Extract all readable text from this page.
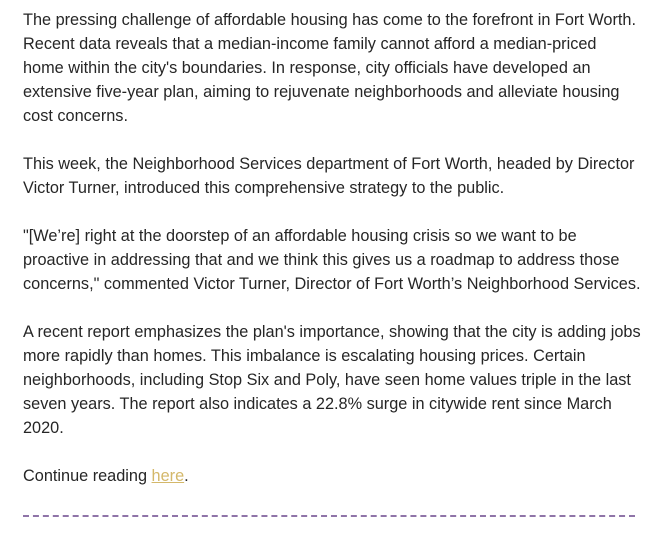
The pressing challenge of affordable housing has come to the forefront in Fort Worth. Recent data reveals that a median-income family cannot afford a median-priced home within the city's boundaries. In response, city officials have developed an extensive five-year plan, aiming to rejuvenate neighborhoods and alleviate housing cost concerns.

This week, the Neighborhood Services department of Fort Worth, headed by Director Victor Turner, introduced this comprehensive strategy to the public.

"[We’re] right at the doorstep of an affordable housing crisis so we want to be proactive in addressing that and we think this gives us a roadmap to address those concerns," commented Victor Turner, Director of Fort Worth’s Neighborhood Services.

A recent report emphasizes the plan's importance, showing that the city is adding jobs more rapidly than homes. This imbalance is escalating housing prices. Certain neighborhoods, including Stop Six and Poly, have seen home values triple in the last seven years. The report also indicates a 22.8% surge in citywide rent since March 2020.

Continue reading here.
